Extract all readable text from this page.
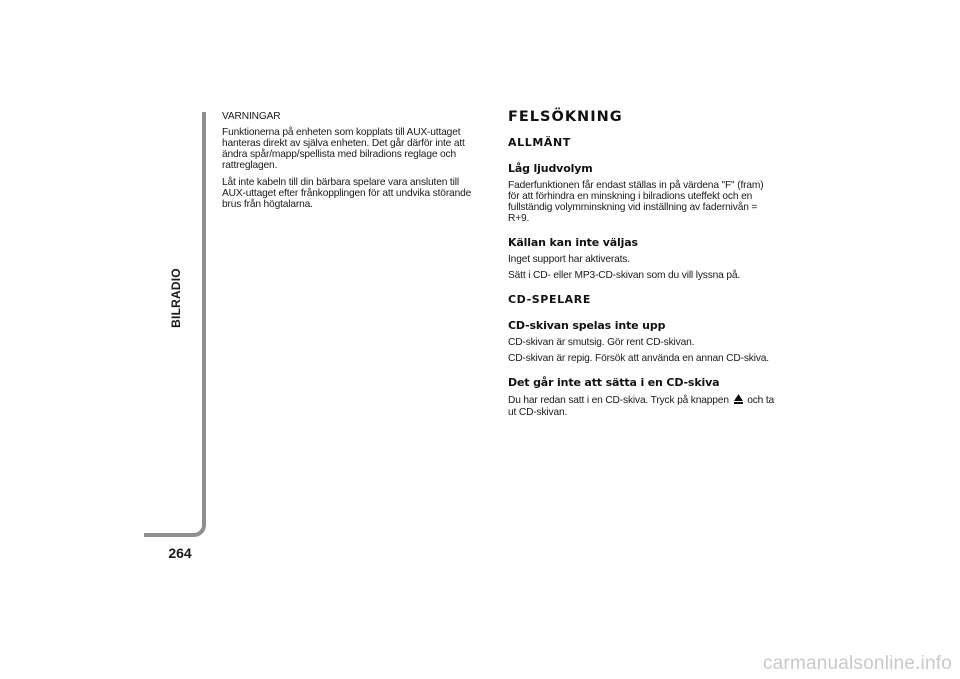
BILRADIO
264

VARNINGAR

Funktionerna på enheten som kopplats till AUX-uttaget hanteras direkt av själva enheten. Det går därför inte att ändra spår/mapp/spellista med bilradions reglage och rattreglagen.

Låt inte kabeln till din bärbara spelare vara ansluten till AUX-uttaget efter frånkopplingen för att undvika störande brus från högtalarna.

FELSÖKNING
ALLMÄNT
Låg ljudvolym

Faderfunktionen får endast ställas in på värdena "F" (fram) för att förhindra en minskning i bilradions uteffekt och en fullständig volymminskning vid inställning av fadernivån = R+9.

Källan kan inte väljas

Inget support har aktiverats.

Sätt i CD- eller MP3-CD-skivan som du vill lyssna på.

CD-SPELARE
CD-skivan spelas inte upp

CD-skivan är smutsig. Gör rent CD-skivan.

CD-skivan är repig. Försök att använda en annan CD-skiva.

Det går inte att sätta i en CD-skiva

Du har redan satt i en CD-skiva. Tryck på knappen och ta ut CD-skivan.

carmanualsonline.info
